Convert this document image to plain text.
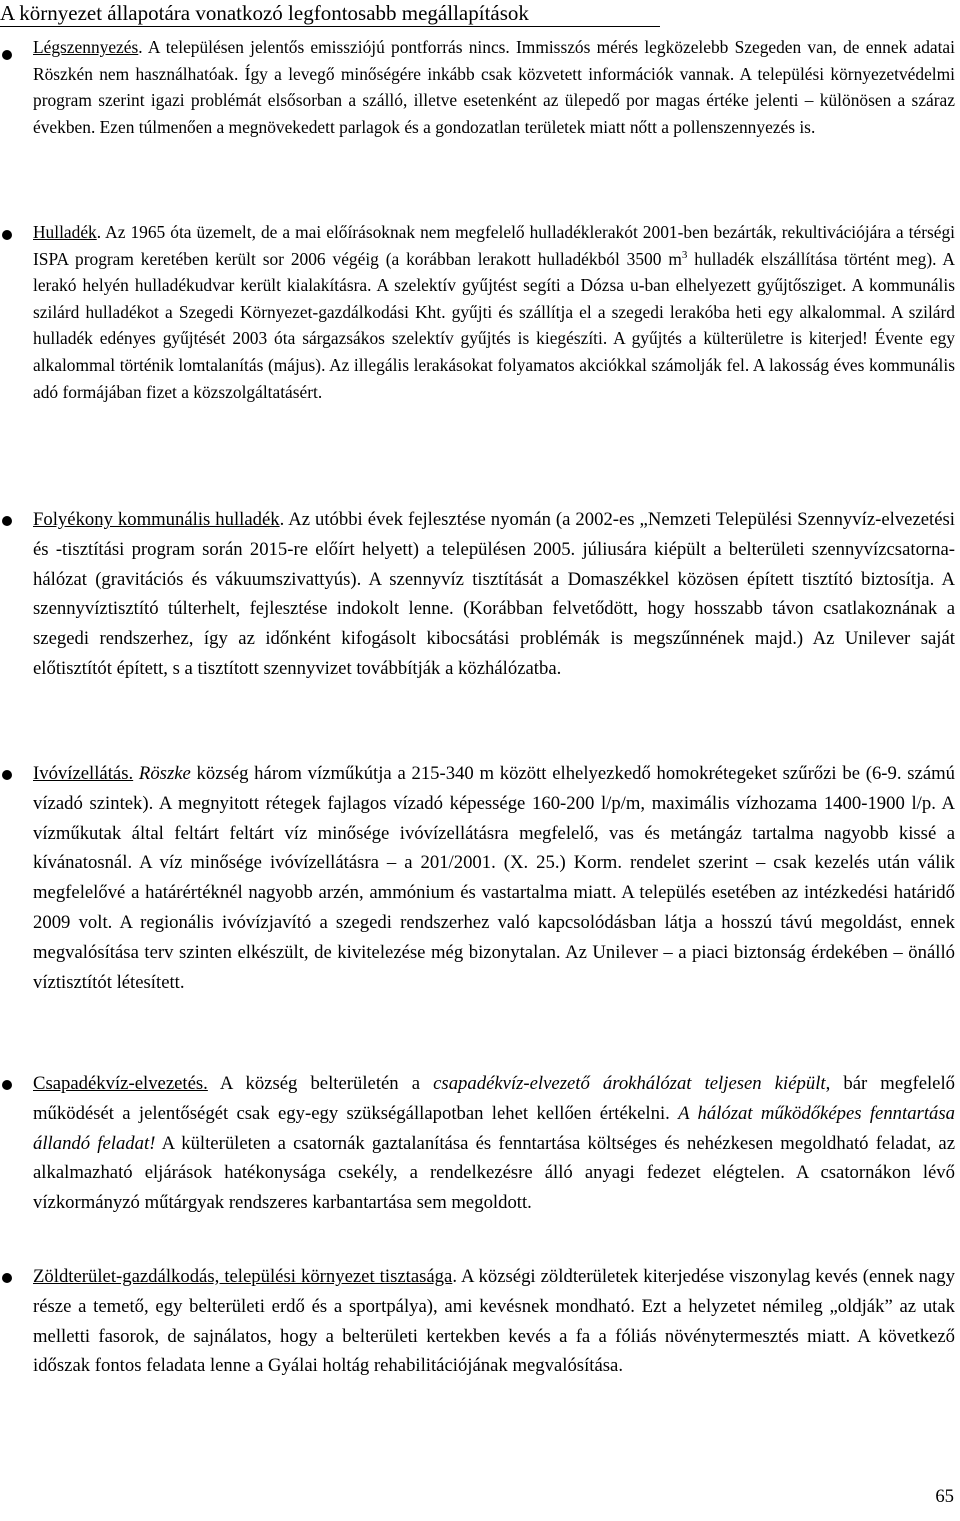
A környezet állapotára vonatkozó legfontosabb megállapítások
Légszennyezés. A településen jelentős emissziójú pontforrás nincs. Immisszós mérés legközelebb Szegeden van, de ennek adatai Röszkén nem használhatóak. Így a levegő minőségére inkább csak közvetett információk vannak. A települési környezetvédelmi program szerint igazi problémát elsősorban a szálló, illetve esetenként az ülepedő por magas értéke jelenti – különösen a száraz években. Ezen túlmenően a megnövekedett parlagok és a gondozatlan területek miatt nőtt a pollenszennyezés is.
Hulladék. Az 1965 óta üzemelt, de a mai előírásoknak nem megfelelő hulladéklerakót 2001-ben bezárták, rekultivációjára a térségi ISPA program keretében került sor 2006 végéig (a korábban lerakott hulladékból 3500 $m^3$ hulladék elszállítása történt meg). A lerakó helyén hulladékudvar került kialakításra. A szelektív gyűjtést segíti a Dózsa u-ban elhelyezett gyűjtősziget. A kommunális szilárd hulladékot a Szegedi Környezet-gazdálkodási Kht. gyűjti és szállítja el a szegedi lerakóba heti egy alkalommal. A szilárd hulladék edényes gyűjtését 2003 óta sárgazsákos szelektív gyűjtés is kiegészíti. A gyűjtés a külterületre is kiterjed! Évente egy alkalommal történik lomtalanítás (május). Az illegális lerakásokat folyamatos akciókkal számolják fel. A lakosság éves kommunális adó formájában fizet a közszolgáltatásért.
Folyékony kommunális hulladék. Az utóbbi évek fejlesztése nyomán (a 2002-es „Nemzeti Települési Szennyvíz-elvezetési és -tisztítási program során 2015-re előírt helyett) a településen 2005. júliusára kiépült a belterületi szennyvízcsatorna-hálózat (gravitációs és vákuumszivattyús). A szennyvíz tisztítását a Domaszékkel közösen épített tisztító biztosítja. A szennyvíztisztító túlterhelt, fejlesztése indokolt lenne. (Korábban felvetődött, hogy hosszabb távon csatlakoznának a szegedi rendszerhez, így az időnként kifogásolt kibocsátási problémák is megszűnnének majd.) Az Unilever saját előtisztítót épített, s a tisztított szennyvizet továbbítják a közhálózatba.
Ivóvízellátás. Röszke község három vízműkútja a 215-340 m között elhelyezkedő homokrétegeket szűrőzi be (6-9. számú vízadó szintek). A megnyitott rétegek fajlagos vízadó képessége 160-200 l/p/m, maximális vízhozama 1400-1900 l/p. A vízműkutak által feltárt feltárt víz minősége ivóvízellátásra megfelelő, vas és metángáz tartalma nagyobb kissé a kívánatosnál. A víz minősége ivóvízellátásra – a 201/2001. (X. 25.) Korm. rendelet szerint – csak kezelés után válik megfelelővé a határértéknél nagyobb arzén, ammónium és vastartalma miatt. A település esetében az intézkedési határidő 2009 volt. A regionális ivóvízjavító a szegedi rendszerhez való kapcsolódásban látja a hosszú távú megoldást, ennek megvalósítása terv szinten elkészült, de kivitelezése még bizonytalan. Az Unilever – a piaci biztonság érdekében – önálló víztisztítót létesített.
Csapadékvíz-elvezetés. A község belterületén a csapadékvíz-elvezető árokhálózat teljesen kiépült, bár megfelelő működését a jelentőségét csak egy-egy szükségállapotban lehet kellően értékelni. A hálózat működőképes fenntartása állandó feladat! A külterületen a csatornák gaztalanítása és fenntartása költséges és nehézkesen megoldható feladat, az alkalmazható eljárások hatékonysága csekély, a rendelkezésre álló anyagi fedezet elégtelen. A csatornákon lévő vízkormányzó műtárgyak rendszeres karbantartása sem megoldott.
Zöldterület-gazdálkodás, települési környezet tisztasága. A községi zöldterületek kiterjedése viszonylag kevés (ennek nagy része a temető, egy belterületi erdő és a sportpálya), ami kevésnek mondható. Ezt a helyzetet némileg „oldják” az utak melletti fasorok, de sajnálatos, hogy a belterületi kertekben kevés a fa a fóliás növénytermesztés miatt. A következő időszak fontos feladata lenne a Gyálai holtág rehabilitációjának megvalósítása.
65
